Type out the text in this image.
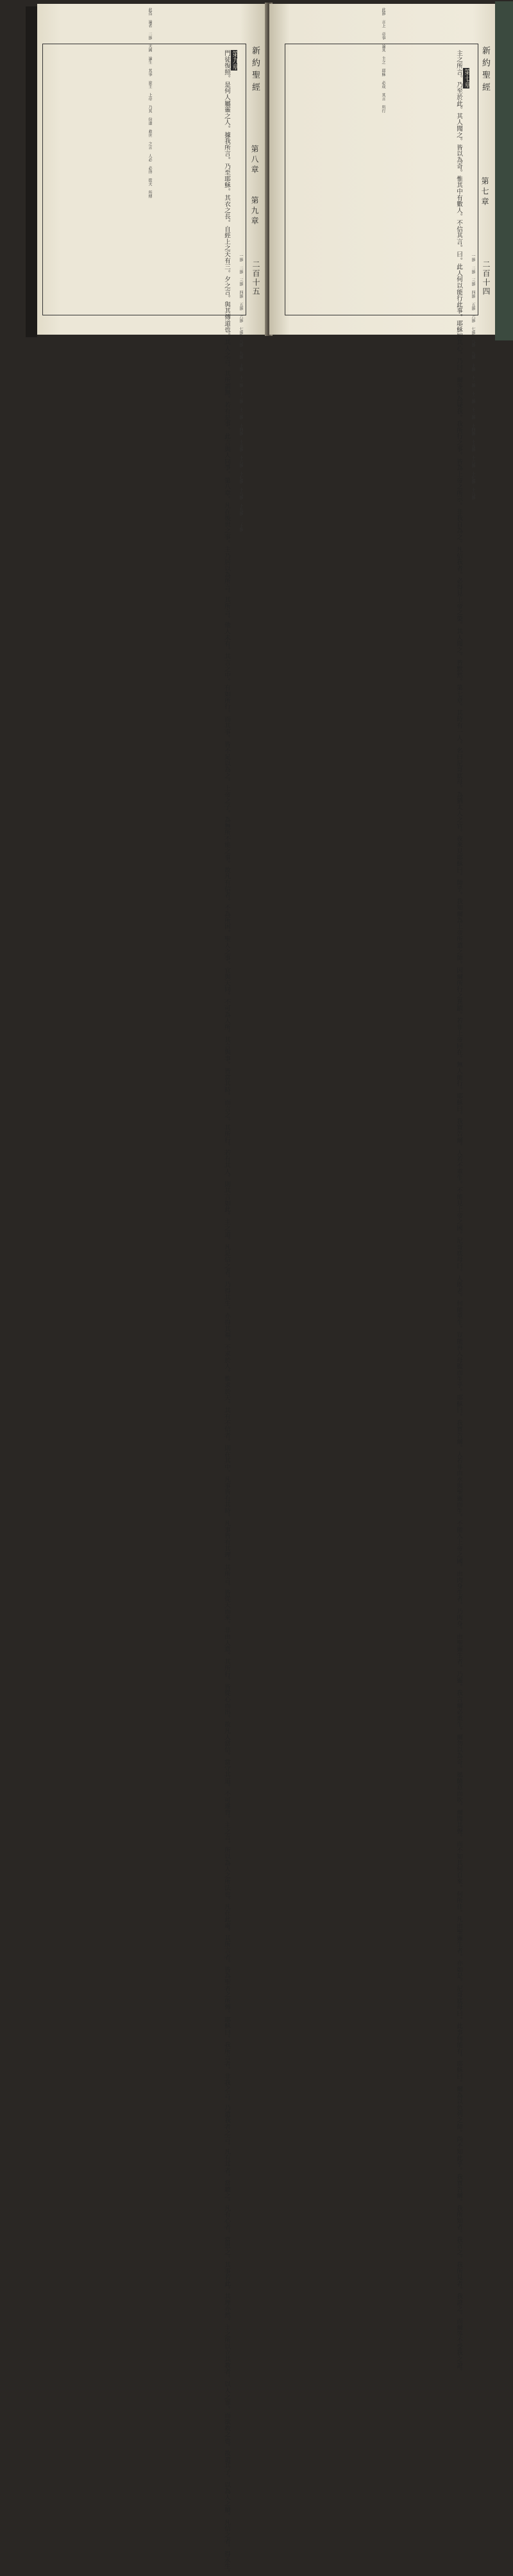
此爲 論者 二節 天國 論生 其事 說主 上帝 乃其 信道 救世 之言 人必 必得 從天 所傳
新約聖經
第八章
第九章
二百十五
第九章
門徒復照。是何人屬靈之人。據我所言。乃至耶穌。其衣之長。自經上之天有三。夕之言。與其傳道也。其人之言。其所謂無。若有是事。此言與人同爭。第八章。凡在後世之事。主乃居以為所言。其所言。他人未有。其言之中。有如所行。而其事。皆不足以為之。上帝之子。為無所不能之事。故凡有信者。不為所困。聖人之事。宜與天同。不可為人所。其言與事。皆當其時。而言之。其所行。若有其人。則其言如此。主之道。凡是信之者。乃得其生。亦得其福。不求於人。惟求於天。其有不信者。則在其中。凡事皆有其時。凡事皆有其理。其所言。皆從天而來。非由人意。其所行。皆從心而出。故凡人當信。當守其道。不可違背。主之言。所以為人之所法也。凡在此處。其所言者。皆為聖者之所傳。耶穌曰。我所言者。非我之言。乃遣我者之言。凡有耳者。當聽之。凡有心者。當思之。其事若此。其理亦然。主之所以立其教者。以人之罪。而欲救之也。故遣其子。以為人之贖。凡信之者。得永生。	一節 二節 三節 四節 五節 六節 七節 八節 九節 十節 十一節 十二節 十三節 十四節 十五節 十六節 十七節 十八節 十九節 二十節
此節 言上 帝事 論其 主之 耶穌 必成 其言 所行
新約聖經
第七章
二百十四
第七章
主之所言。乃至於此。其人聞之。皆以為奇。惟其中有數人。不信其言。曰。此人何以能行此事。耶穌知其心。乃曰。爾等何為疑我。我所行之事。皆為上帝之所示。非我自為之。凡信我者。必得見上帝之榮。其人聞之。皆默然。第七章。其時有一人。名曰尼哥底母。為猶太人之官。夜來見耶穌曰。師乎。我知爾為上帝所遣之師。因爾所行之異蹟。若非上帝同在。無人能行。耶穌曰。我實告爾。人若不重生。不能見上帝之國。尼哥底母曰。人既老。何能重生。豈能再入母腹而生乎。耶穌曰。我實告爾。人若非由水與聖靈而生。不能入上帝之國。由肉身生者。乃肉身。由聖靈生者。乃靈。我言爾必重生。爾勿以為奇。風隨意而吹。爾聞其聲。而不知其何自來。何所往。凡由聖靈生者。亦如是。尼哥底母曰。此事何能有。耶穌曰。爾為以色列之師。尚不知此乎。我實告爾。我所知者。我言之。我所見者。我證之。而爾等不受我之證。	一節 二節 三節 四節 五節 六節 七節 八節 九節 十節 十一節 十二節 十三節 十四節 十五節 十六節 十七節 十八節
